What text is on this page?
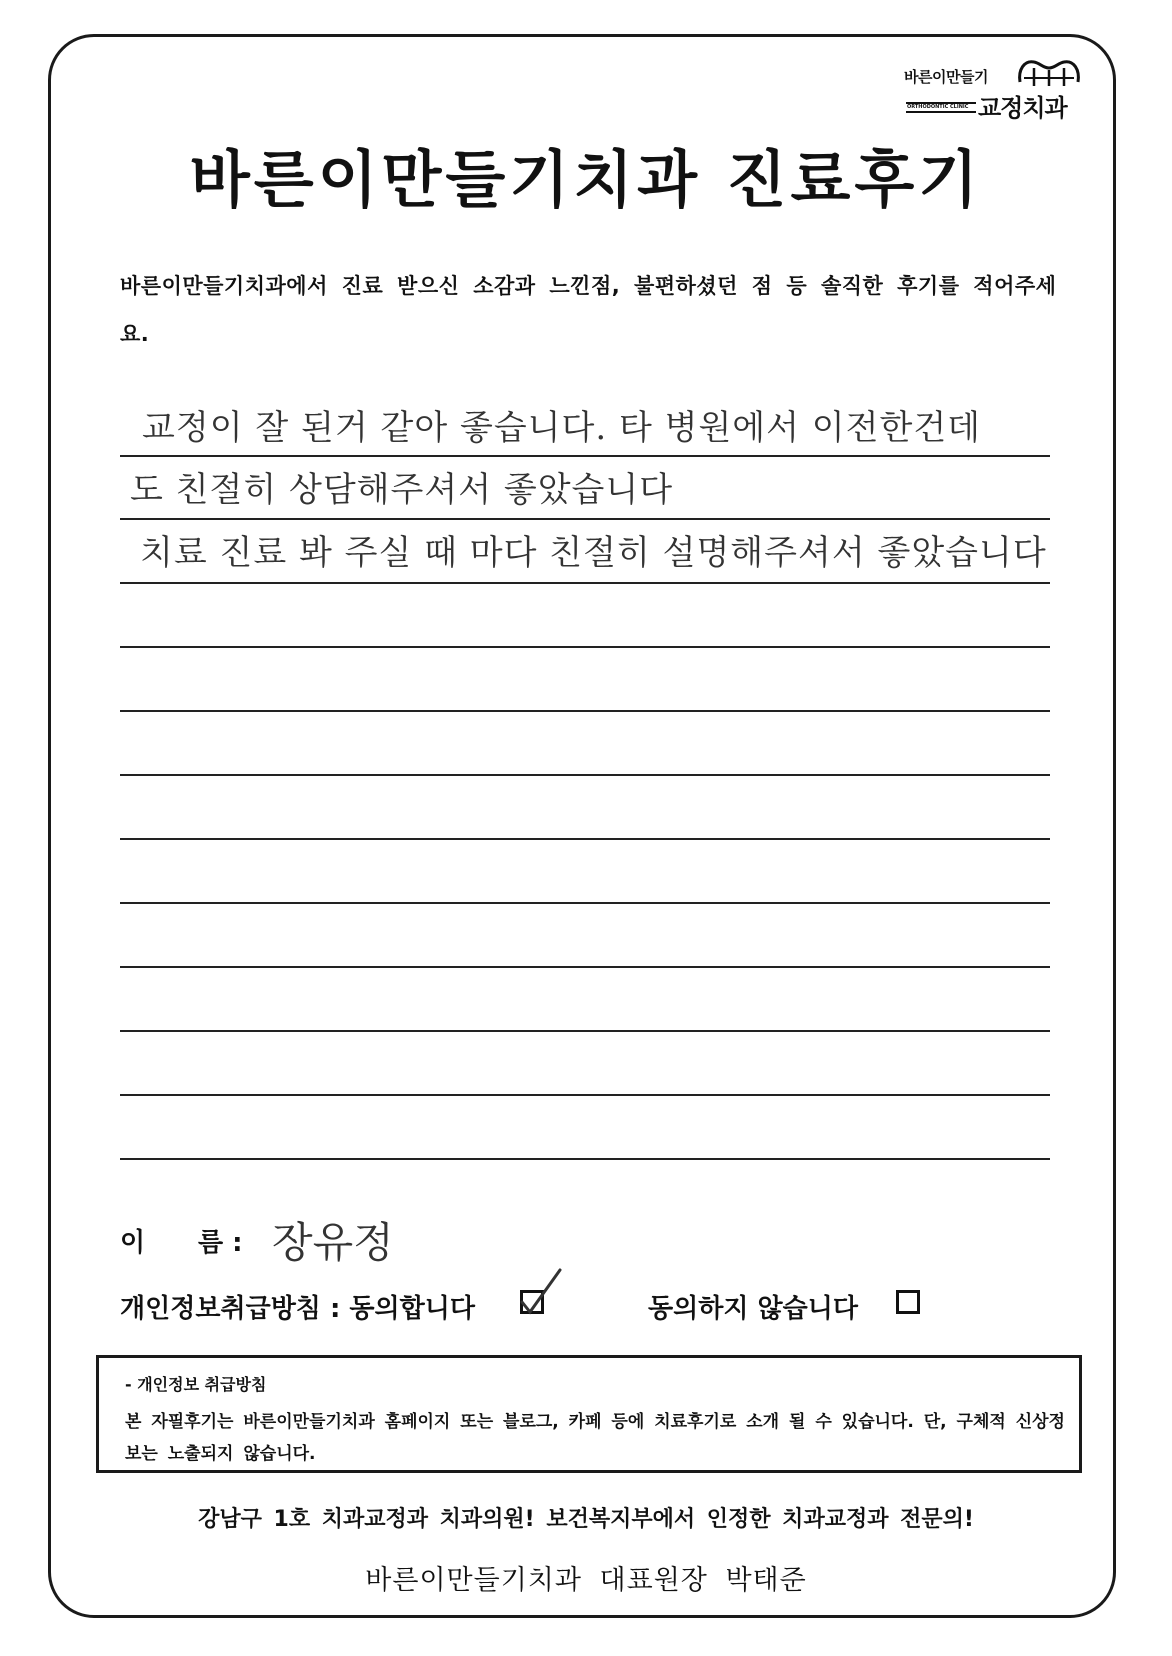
바른이만들기
ORTHODONTIC CLINIC 교정치과
바른이만들기치과 진료후기
바른이만들기치과에서 진료 받으신 소감과 느낀점, 불편하셨던 점 등 솔직한 후기를 적어주세요.
교정이 잘 된거 같아 좋습니다. 타 병원에서 이전한건데
도 친절히 상담해주셔서 좋았습니다
치료 진료 봐 주실 때 마다 친절히 설명해주셔서 좋았습니다
이 름 : 장유정
개인정보취급방침 : 동의합니다	동의하지 않습니다
- 개인정보 취급방침
본 자필후기는 바른이만들기치과 홈페이지 또는 블로그, 카페 등에 치료후기로 소개 될 수 있습니다. 단, 구체적 신상정보는 노출되지 않습니다.
강남구 1호 치과교정과 치과의원! 보건복지부에서 인정한 치과교정과 전문의!
바른이만들기치과 대표원장 박태준
